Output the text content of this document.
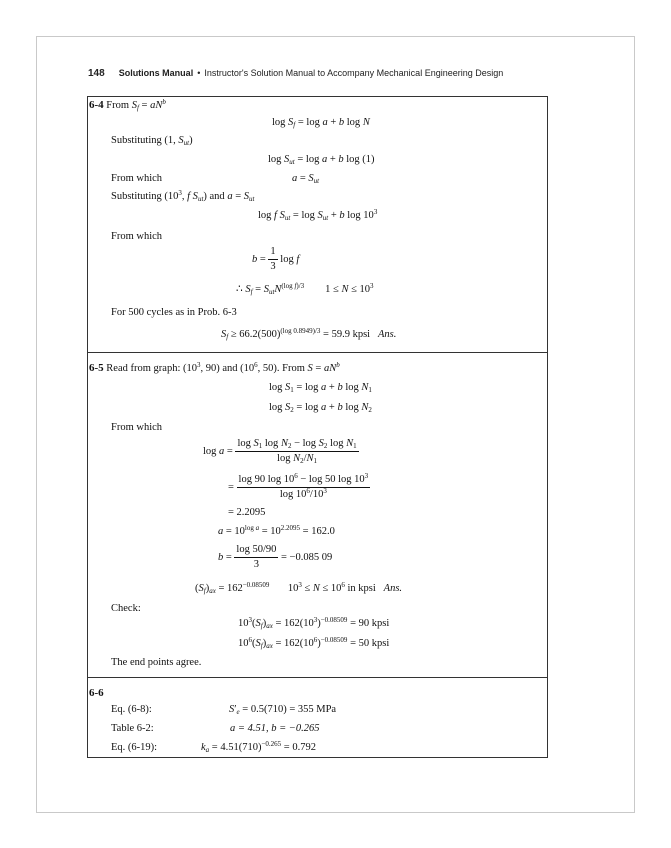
148 Solutions Manual • Instructor's Solution Manual to Accompany Mechanical Engineering Design
6-4 From $S_f = aN^b$
$\log S_f = \log a + b$ log N
Substituting (1, $S_{ut}$)
$\log S_{ut} = \log a + b$ log (1)
From which	$a = S_{ut}$
Substituting ($10^3$, f $S_{ut}$) and $a = S_{ut}$
log f $S_{ut} = \log S_{ut} + b$ $\log 10^3$
From which
$b = \frac{1}{3}$ log f
∴ $S_f = S_{ut}N^{(log f)/3}$        $1 \le N \le 10^3$
For 500 cycles as in Prob. 6-3
$S_f \ge 66.2(500)^{(log 0.8949)/3} = 59.9$ kpsi Ans.
6-5 Read from graph: ($10^3$, 90) and ($10^6$, 50). From $S = aN^b$
$\log S_1 = \log a + b$ $\log N_1$
$\log S_2 = \log a + b$ $\log N_2$
From which
$\log a = \frac{\log S_1 \log N_2 - \log S_2 \log N_1}{\log N_2/N_1}$
= $\frac{\log 90 \log 10^6 - \log 50 \log 10^3}{\log 10^6/10^3}$
= 2.2095
$a = 10^{log a} = 10^{2.2095} = 162.0$
$b = \frac{\log 50/90}{3} = -0.085$ 09
$(S_f)_{ax} = 162^{-0.08509}$       $10^3 \le N \le 10^6$ in kpsi Ans.
Check:
$10^3(S_f)_{ax} = 162(10^3)^{-0.08509} = 90$ kpsi
$10^6(S_f)_{ax} = 162(10^6)^{-0.08509} = 50$ kpsi
The end points agree.
6-6
Eq. (6-8):	$S'_e = 0.5(710) = 355$ MPa
Table 6-2:	a = 4.51, b = −0.265
Eq. (6-19):	$k_a = 4.51(710)^{-0.265} = 0.792$
